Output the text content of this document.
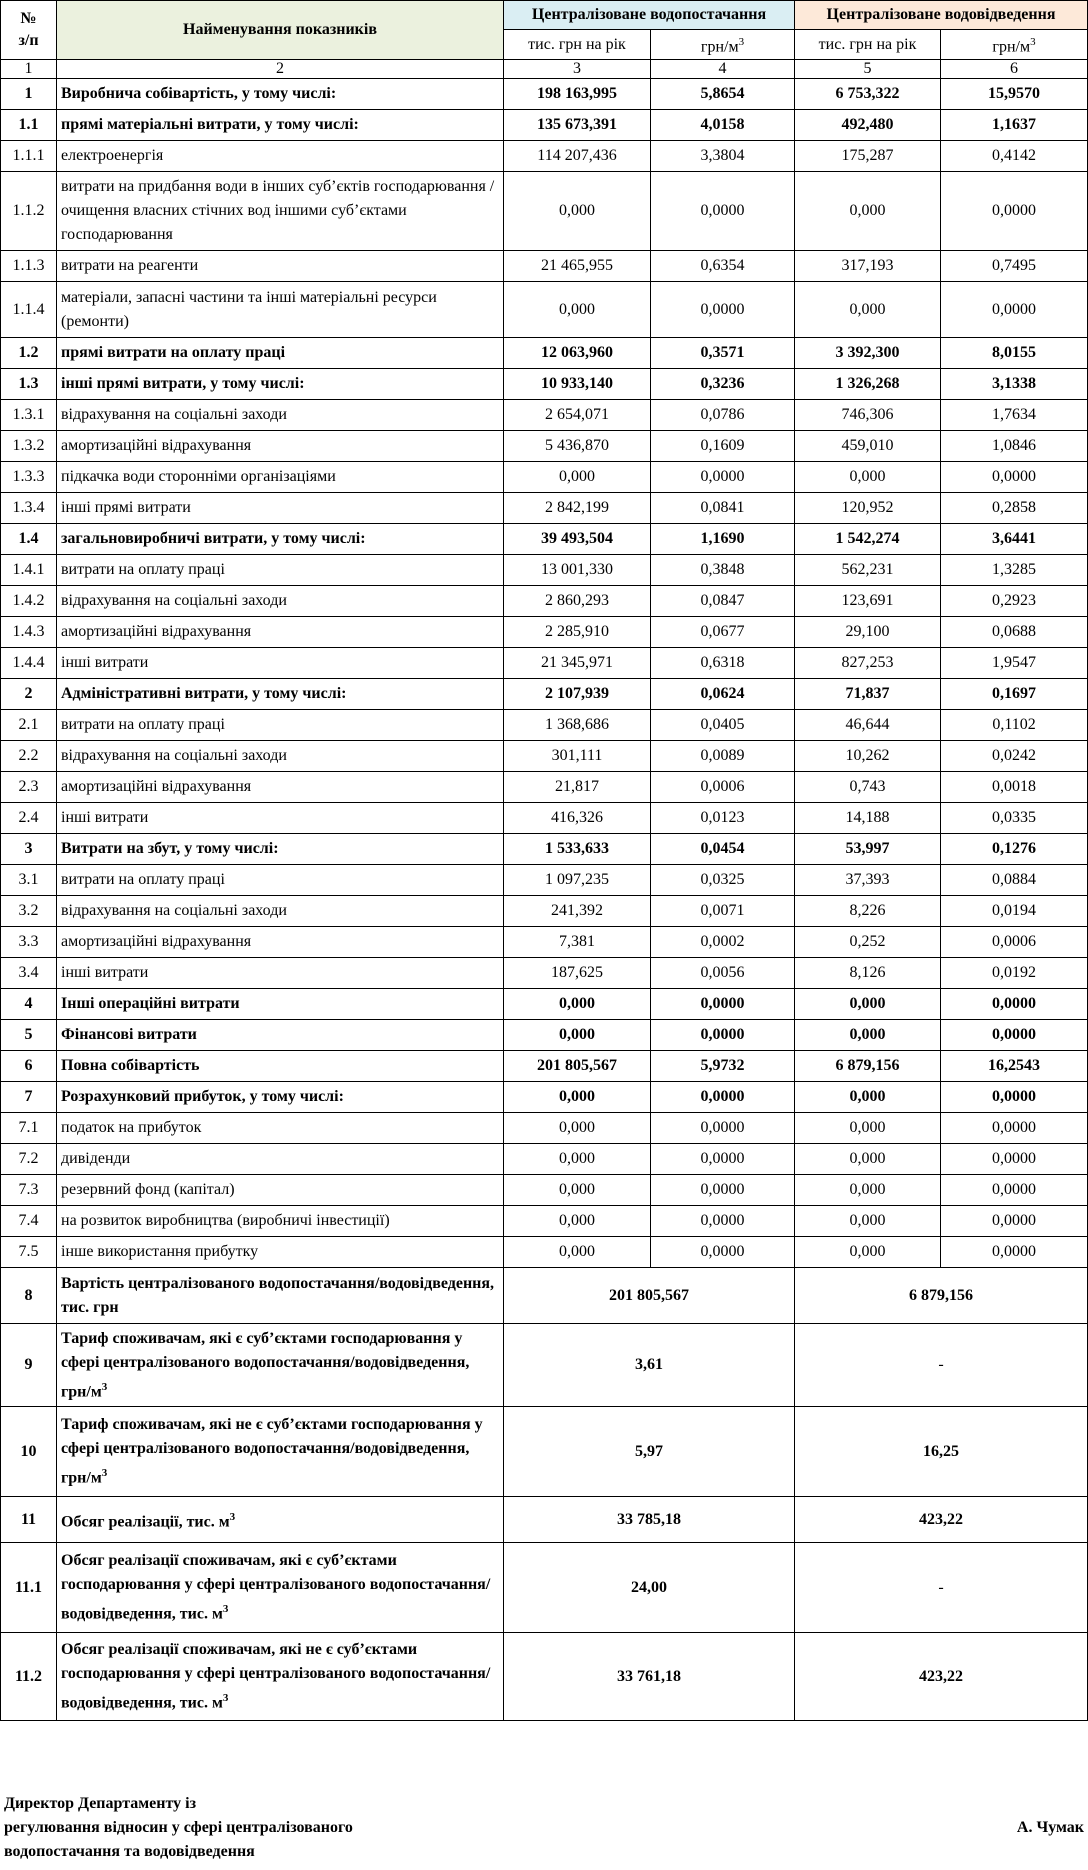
№
з/п	Найменування показників	Централізоване водопостачання		Централізоване водовідведення	
		тис. грн на рік	грн/$м^3$	тис. грн на рік	грн/$м^3$
1	2	3	4	5	6
1	Виробнича собівартість, у тому числі:	198 163,995	5,8654	6 753,322	15,9570
1.1	прямі матеріальні витрати, у тому числі:	135 673,391	4,0158	492,480	1,1637
1.1.1	електроенергія	114 207,436	3,3804	175,287	0,4142
1.1.2	витрати на придбання води в інших суб’єктів господарювання / очищення власних стічних вод іншими суб’єктами господарювання	0,000	0,0000	0,000	0,0000
1.1.3	витрати на реагенти	21 465,955	0,6354	317,193	0,7495
1.1.4	матеріали, запасні частини та інші матеріальні ресурси (ремонти)	0,000	0,0000	0,000	0,0000
1.2	прямі витрати на оплату праці	12 063,960	0,3571	3 392,300	8,0155
1.3	інші прямі витрати, у тому числі:	10 933,140	0,3236	1 326,268	3,1338
1.3.1	відрахування на соціальні заходи	2 654,071	0,0786	746,306	1,7634
1.3.2	амортизаційні відрахування	5 436,870	0,1609	459,010	1,0846
1.3.3	підкачка води сторонніми організаціями	0,000	0,0000	0,000	0,0000
1.3.4	інші прямі витрати	2 842,199	0,0841	120,952	0,2858
1.4	загальновиробничі витрати, у тому числі:	39 493,504	1,1690	1 542,274	3,6441
1.4.1	витрати на оплату праці	13 001,330	0,3848	562,231	1,3285
1.4.2	відрахування на соціальні заходи	2 860,293	0,0847	123,691	0,2923
1.4.3	амортизаційні відрахування	2 285,910	0,0677	29,100	0,0688
1.4.4	інші витрати	21 345,971	0,6318	827,253	1,9547
2	Адміністративні витрати, у тому числі:	2 107,939	0,0624	71,837	0,1697
2.1	витрати на оплату праці	1 368,686	0,0405	46,644	0,1102
2.2	відрахування на соціальні заходи	301,111	0,0089	10,262	0,0242
2.3	амортизаційні відрахування	21,817	0,0006	0,743	0,0018
2.4	інші витрати	416,326	0,0123	14,188	0,0335
3	Витрати на збут, у тому числі:	1 533,633	0,0454	53,997	0,1276
3.1	витрати на оплату праці	1 097,235	0,0325	37,393	0,0884
3.2	відрахування на соціальні заходи	241,392	0,0071	8,226	0,0194
3.3	амортизаційні відрахування	7,381	0,0002	0,252	0,0006
3.4	інші витрати	187,625	0,0056	8,126	0,0192
4	Інші операційні витрати	0,000	0,0000	0,000	0,0000
5	Фінансові витрати	0,000	0,0000	0,000	0,0000
6	Повна собівартість	201 805,567	5,9732	6 879,156	16,2543
7	Розрахунковий прибуток, у тому числі:	0,000	0,0000	0,000	0,0000
7.1	податок на прибуток	0,000	0,0000	0,000	0,0000
7.2	дивіденди	0,000	0,0000	0,000	0,0000
7.3	резервний фонд (капітал)	0,000	0,0000	0,000	0,0000
7.4	на розвиток виробництва (виробничі інвестиції)	0,000	0,0000	0,000	0,0000
7.5	інше використання прибутку	0,000	0,0000	0,000	0,0000
8	Вартість централізованого водопостачання/водовідведення, тис. грн	201 805,567		6 879,156	
9	Тариф споживачам, які є суб’єктами господарювання у сфері централізованого водопостачання/водовідведення, грн/$м^3$	3,61		-	
10	Тариф споживачам, які не є суб’єктами господарювання у сфері централізованого водопостачання/водовідведення, грн/$м^3$	5,97		16,25	
11	Обсяг реалізації, тис. $м^3$	33 785,18		423,22	
11.1	Обсяг реалізації споживачам, які є суб’єктами господарювання у сфері централізованого водопостачання/водовідведення, тис. $м^3$	24,00		-	
11.2	Обсяг реалізації споживачам, які не є суб’єктами господарювання у сфері централізованого водопостачання/водовідведення, тис. $м^3$	33 761,18		423,22	
Директор Департаменту із
регулювання відносин у сфері централізованого
водопостачання та водовідведення
А. Чумак
